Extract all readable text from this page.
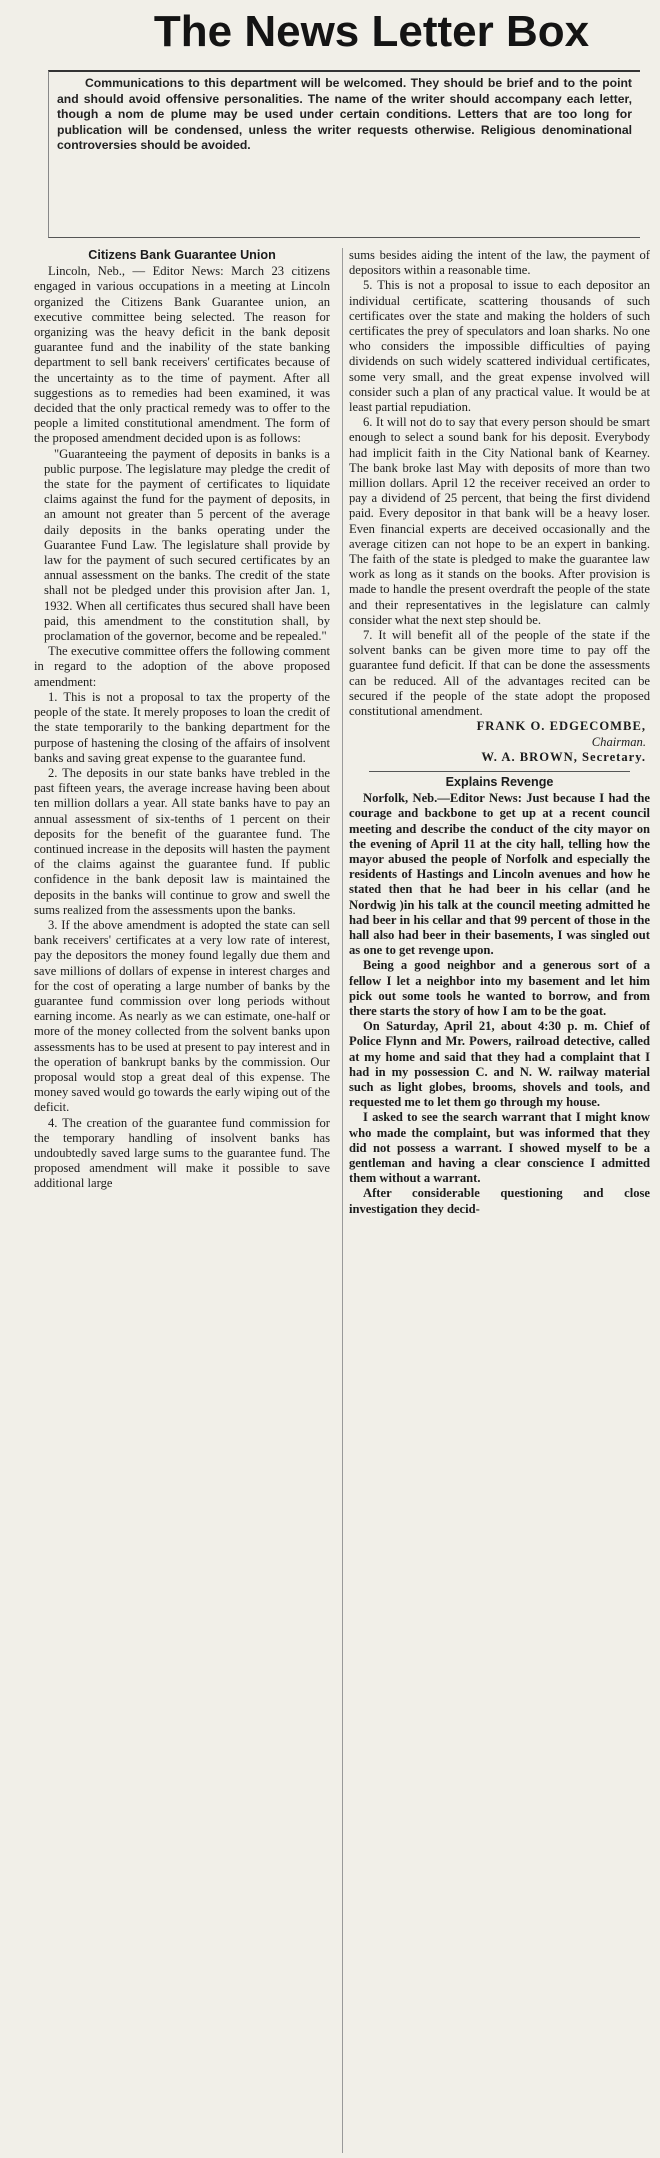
The News Letter Box
Communications to this department will be welcomed. They should be brief and to the point and should avoid offensive personalities. The name of the writer should accompany each letter, though a nom de plume may be used under certain conditions. Letters that are too long for publication will be condensed, unless the writer requests otherwise. Religious denominational controversies should be avoided.

Citizens Bank Guarantee Union

Lincoln, Neb., — Editor News: March 23 citizens engaged in various occupations in a meeting at Lincoln organized the Citizens Bank Guarantee union, an executive committee being selected. The reason for organizing was the heavy deficit in the bank deposit guarantee fund and the inability of the state banking department to sell bank receivers' certificates because of the uncertainty as to the time of payment. After all suggestions as to remedies had been examined, it was decided that the only practical remedy was to offer to the people a limited constitutional amendment. The form of the proposed amendment decided upon is as follows:

"Guaranteeing the payment of deposits in banks is a public purpose. The legislature may pledge the credit of the state for the payment of certificates to liquidate claims against the fund for the payment of deposits, in an amount not greater than 5 percent of the average daily deposits in the banks operating under the Guarantee Fund Law. The legislature shall provide by law for the payment of such secured certificates by an annual assessment on the banks. The credit of the state shall not be pledged under this provision after Jan. 1, 1932. When all certificates thus secured shall have been paid, this amendment to the constitution shall, by proclamation of the governor, become and be repealed."

The executive committee offers the following comment in regard to the adoption of the above proposed amendment:

1. This is not a proposal to tax the property of the people of the state. It merely proposes to loan the credit of the state temporarily to the banking department for the purpose of hastening the closing of the affairs of insolvent banks and saving great expense to the guarantee fund.

2. The deposits in our state banks have trebled in the past fifteen years, the average increase having been about ten million dollars a year. All state banks have to pay an annual assessment of six-tenths of 1 percent on their deposits for the benefit of the guarantee fund. The continued increase in the deposits will hasten the payment of the claims against the guarantee fund. If public confidence in the bank deposit law is maintained the deposits in the banks will continue to grow and swell the sums realized from the assessments upon the banks.

3. If the above amendment is adopted the state can sell bank receivers' certificates at a very low rate of interest, pay the depositors the money found legally due them and save millions of dollars of expense in interest charges and for the cost of operating a large number of banks by the guarantee fund commission over long periods without earning income. As nearly as we can estimate, one-half or more of the money collected from the solvent banks upon assessments has to be used at present to pay interest and in the operation of bankrupt banks by the commission. Our proposal would stop a great deal of this expense. The money saved would go towards the early wiping out of the deficit.

4. The creation of the guarantee fund commission for the temporary handling of insolvent banks has undoubtedly saved large sums to the guarantee fund. The proposed amendment will make it possible to save additional large

sums besides aiding the intent of the law, the payment of depositors within a reasonable time.

5. This is not a proposal to issue to each depositor an individual certificate, scattering thousands of such certificates over the state and making the holders of such certificates the prey of speculators and loan sharks. No one who considers the impossible difficulties of paying dividends on such widely scattered individual certificates, some very small, and the great expense involved will consider such a plan of any practical value. It would be at least partial repudiation.

6. It will not do to say that every person should be smart enough to select a sound bank for his deposit. Everybody had implicit faith in the City National bank of Kearney. The bank broke last May with deposits of more than two million dollars. April 12 the receiver received an order to pay a dividend of 25 percent, that being the first dividend paid. Every depositor in that bank will be a heavy loser. Even financial experts are deceived occasionally and the average citizen can not hope to be an expert in banking. The faith of the state is pledged to make the guarantee law work as long as it stands on the books. After provision is made to handle the present overdraft the people of the state and their representatives in the legislature can calmly consider what the next step should be.

7. It will benefit all of the people of the state if the solvent banks can be given more time to pay off the guarantee fund deficit. If that can be done the assessments can be reduced. All of the advantages recited can be secured if the people of the state adopt the proposed constitutional amendment.

FRANK O. EDGECOMBE,
Chairman.
W. A. BROWN, Secretary.

Explains Revenge

Norfolk, Neb.—Editor News: Just because I had the courage and backbone to get up at a recent council meeting and describe the conduct of the city mayor on the evening of April 11 at the city hall, telling how the mayor abused the people of Norfolk and especially the residents of Hastings and Lincoln avenues and how he stated then that he had beer in his cellar (and he Nordwig )in his talk at the council meeting admitted he had beer in his cellar and that 99 percent of those in the hall also had beer in their basements, I was singled out as one to get revenge upon.

Being a good neighbor and a generous sort of a fellow I let a neighbor into my basement and let him pick out some tools he wanted to borrow, and from there starts the story of how I am to be the goat.

On Saturday, April 21, about 4:30 p. m. Chief of Police Flynn and Mr. Powers, railroad detective, called at my home and said that they had a complaint that I had in my possession C. and N. W. railway material such as light globes, brooms, shovels and tools, and requested me to let them go through my house.

I asked to see the search warrant that I might know who made the complaint, but was informed that they did not possess a warrant. I showed myself to be a gentleman and having a clear conscience I admitted them without a warrant.

After considerable questioning and close investigation they decid-
